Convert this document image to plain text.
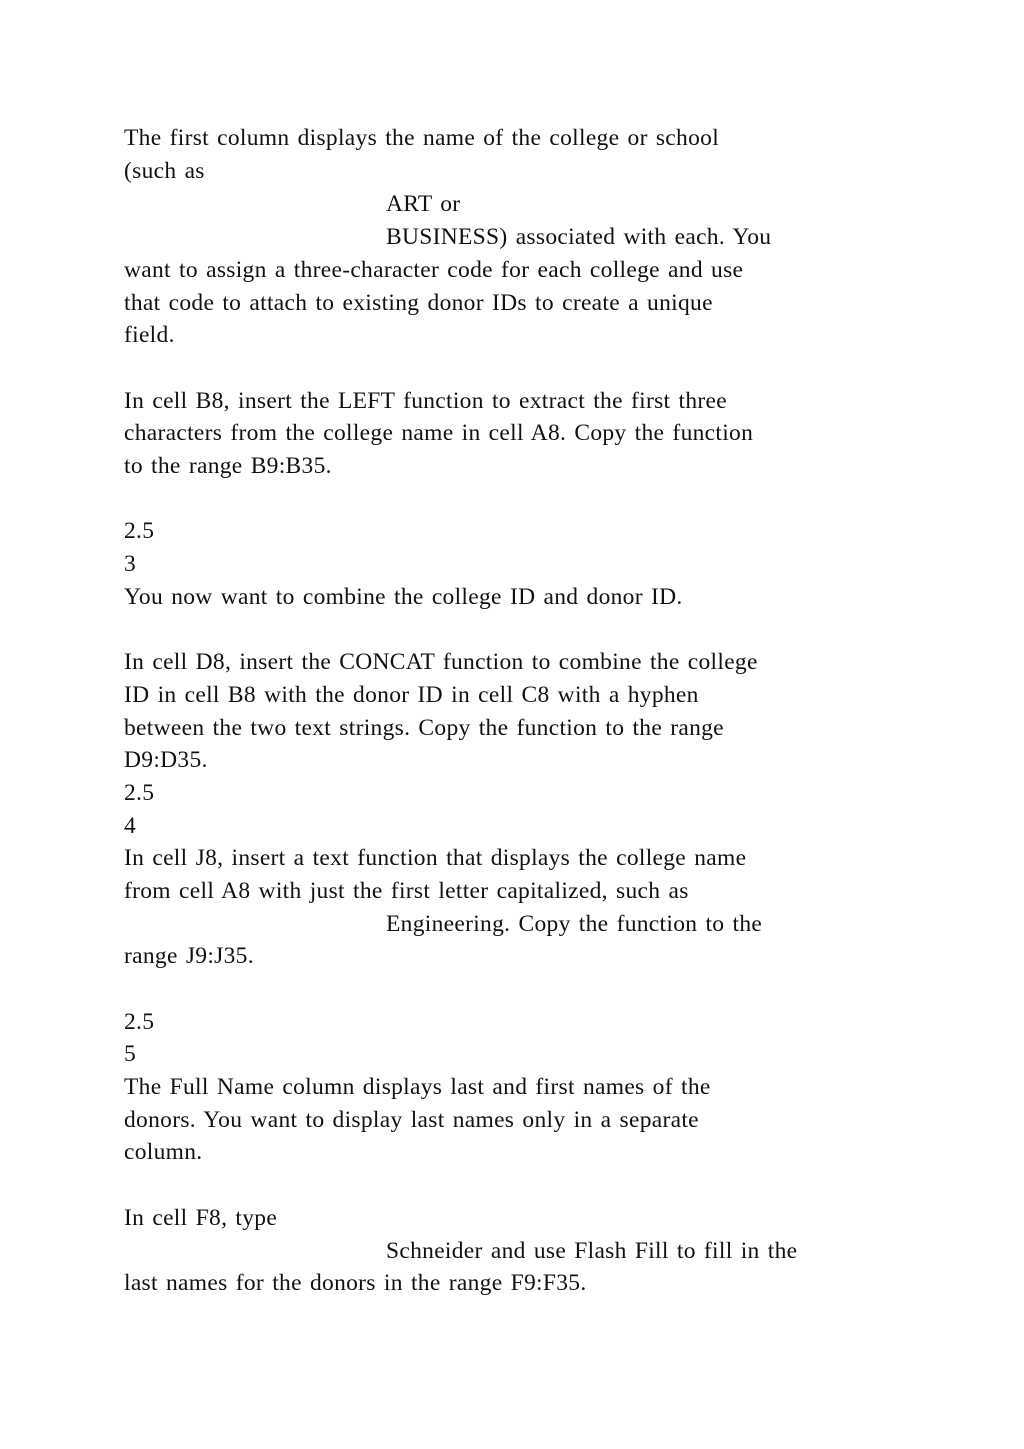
The first column displays the name of the college or school
(such as
ART or
BUSINESS) associated with each. You
want to assign a three-character code for each college and use
that code to attach to existing donor IDs to create a unique
field.
In cell B8, insert the LEFT function to extract the first three
characters from the college name in cell A8. Copy the function
to the range B9:B35.
2.5
3
You now want to combine the college ID and donor ID.
In cell D8, insert the CONCAT function to combine the college
ID in cell B8 with the donor ID in cell C8 with a hyphen
between the two text strings. Copy the function to the range
D9:D35.
2.5
4
In cell J8, insert a text function that displays the college name
from cell A8 with just the first letter capitalized, such as
Engineering. Copy the function to the
range J9:J35.
2.5
5
The Full Name column displays last and first names of the
donors. You want to display last names only in a separate
column.
In cell F8, type
Schneider and use Flash Fill to fill in the
last names for the donors in the range F9:F35.
